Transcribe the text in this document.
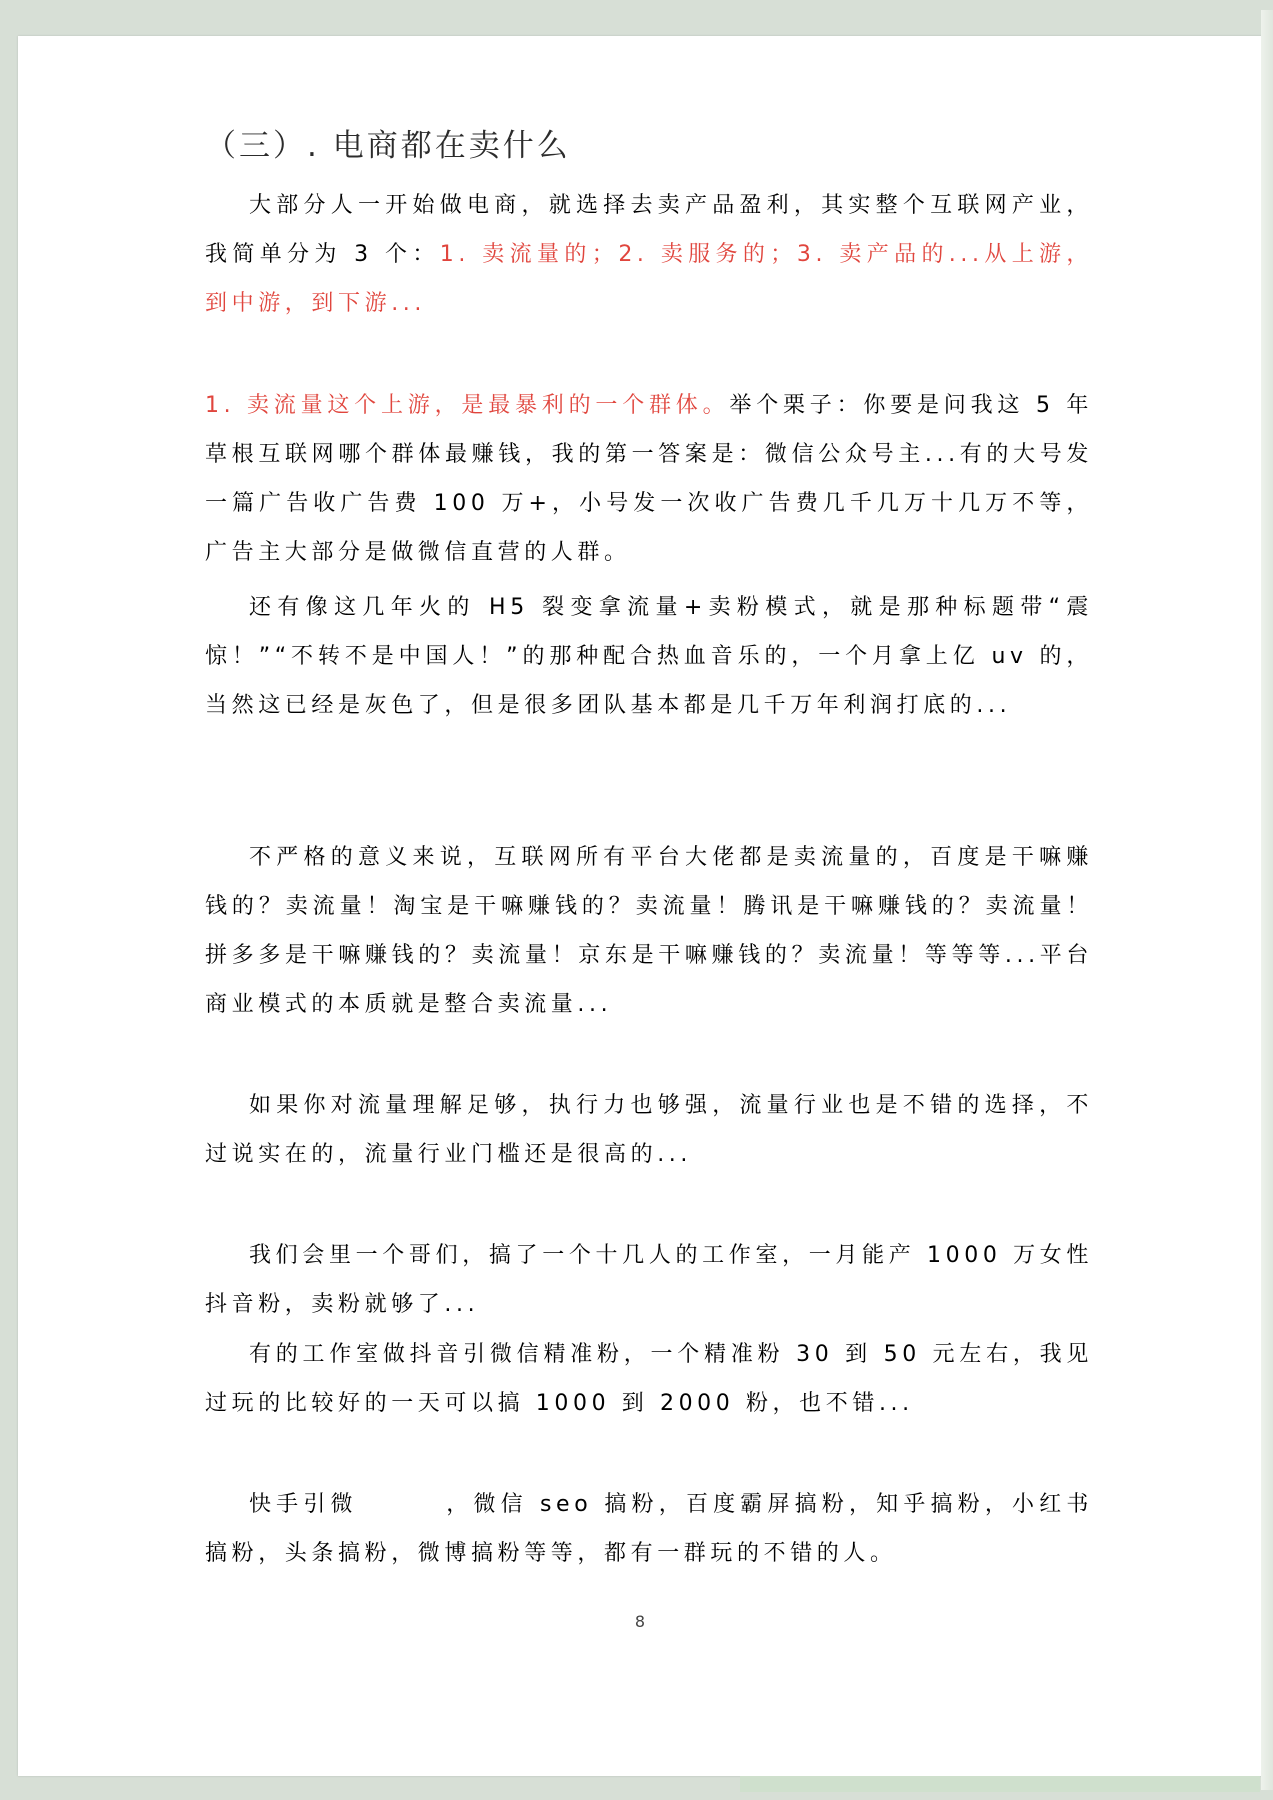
（三）. 电商都在卖什么

大部分人一开始做电商，就选择去卖产品盈利，其实整个互联网产业，我简单分为 3 个：1. 卖流量的；2. 卖服务的；3. 卖产品的...从上游，到中游，到下游...

1. 卖流量这个上游，是最暴利的一个群体。举个栗子：你要是问我这 5 年草根互联网哪个群体最赚钱，我的第一答案是：微信公众号主...有的大号发一篇广告收广告费 100 万+，小号发一次收广告费几千几万十几万不等，广告主大部分是做微信直营的人群。

还有像这几年火的 H5 裂变拿流量+卖粉模式，就是那种标题带“震惊！”“不转不是中国人！”的那种配合热血音乐的，一个月拿上亿 uv 的，当然这已经是灰色了，但是很多团队基本都是几千万年利润打底的...

不严格的意义来说，互联网所有平台大佬都是卖流量的，百度是干嘛赚钱的？卖流量！淘宝是干嘛赚钱的？卖流量！腾讯是干嘛赚钱的？卖流量！拼多多是干嘛赚钱的？卖流量！京东是干嘛赚钱的？卖流量！等等等...平台商业模式的本质就是整合卖流量...

如果你对流量理解足够，执行力也够强，流量行业也是不错的选择，不过说实在的，流量行业门槛还是很高的...

我们会里一个哥们，搞了一个十几人的工作室，一月能产 1000 万女性抖音粉，卖粉就够了...

有的工作室做抖音引微信精准粉，一个精准粉 30 到 50 元左右，我见过玩的比较好的一天可以搞 1000 到 2000 粉，也不错...

快手引微	，微信 seo 搞粉，百度霸屏搞粉，知乎搞粉，小红书搞粉，头条搞粉，微博搞粉等等，都有一群玩的不错的人。

8
